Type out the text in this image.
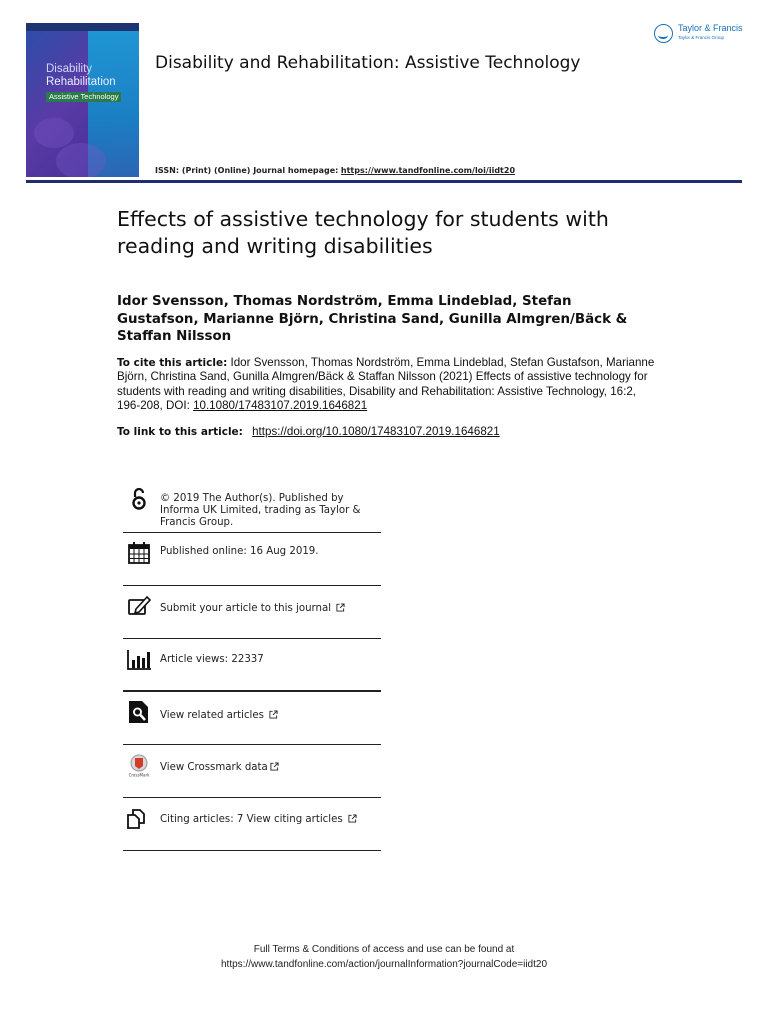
Disability
Rehabilitation
Assistive Technology
Disability and Rehabilitation: Assistive Technology
ISSN: (Print) (Online) Journal homepage: https://www.tandfonline.com/loi/iidt20
Taylor & Francis
Taylor & Francis Group
Effects of assistive technology for students with reading and writing disabilities
Idor Svensson, Thomas Nordström, Emma Lindeblad, Stefan Gustafson, Marianne Björn, Christina Sand, Gunilla Almgren/Bäck & Staffan Nilsson
To cite this article: Idor Svensson, Thomas Nordström, Emma Lindeblad, Stefan Gustafson, Marianne Björn, Christina Sand, Gunilla Almgren/Bäck & Staffan Nilsson (2021) Effects of assistive technology for students with reading and writing disabilities, Disability and Rehabilitation: Assistive Technology, 16:2, 196-208, DOI: 10.1080/17483107.2019.1646821
To link to this article: https://doi.org/10.1080/17483107.2019.1646821
© 2019 The Author(s). Published by Informa UK Limited, trading as Taylor & Francis Group.
Published online: 16 Aug 2019.
Submit your article to this journal
Article views: 22337
View related articles
CrossMark
View Crossmark data
Citing articles: 7 View citing articles
Full Terms & Conditions of access and use can be found at
https://www.tandfonline.com/action/journalInformation?journalCode=iidt20
